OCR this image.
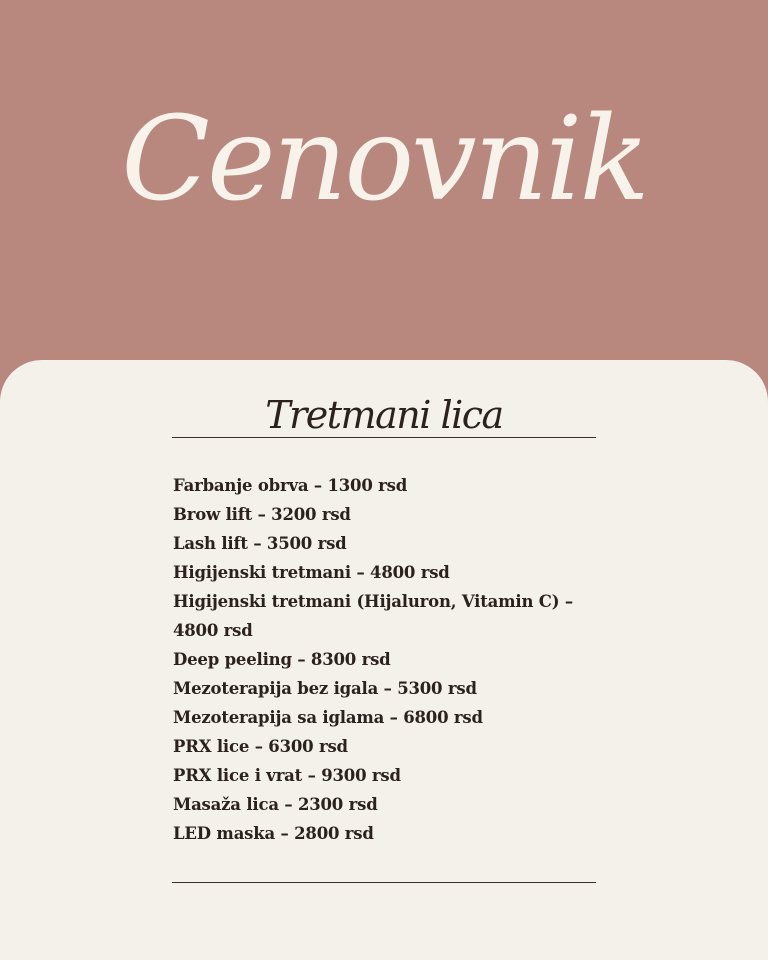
Cenovnik
Tretmani lica
Farbanje obrva – 1300 rsd
Brow lift – 3200 rsd
Lash lift – 3500 rsd
Higijenski tretmani – 4800 rsd
Higijenski tretmani (Hijaluron, Vitamin C) – 4800 rsd
Deep peeling – 8300 rsd
Mezoterapija bez igala – 5300 rsd
Mezoterapija sa iglama – 6800 rsd
PRX lice – 6300 rsd
PRX lice i vrat – 9300 rsd
Masaža lica – 2300 rsd
LED maska – 2800 rsd
